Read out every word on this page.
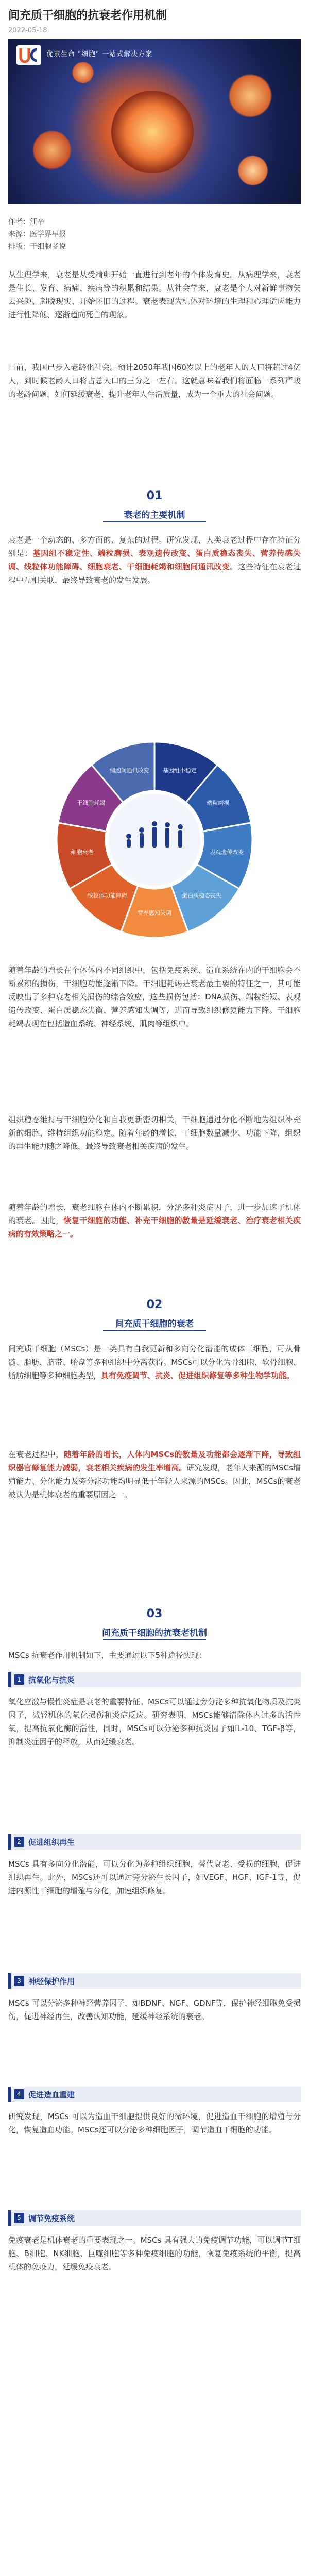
间充质干细胞的抗衰老作用机制
2022-05-18
优素生命 "细胞" 一站式解决方案
作者：江辛
来源：医学界早报
排版：干细胞者说
从生理学来，衰老是从受精卵开始一直进行到老年的个体发育史。从病理学来，衰老是生长、发育、病痛、疾病等的积累和结果。从社会学来，衰老是个人对新鲜事物失去兴趣、超脱现实、开始怀旧的过程。衰老表现为机体对环境的生理和心理适应能力进行性降低、逐渐趋向死亡的现象。
目前，我国已步入老龄化社会。预计2050年我国60岁以上的老年人的人口将超过4亿人，到时候老龄人口将占总人口的三分之一左右。这就意味着我们将面临一系列严峻的老龄问题，如何延缓衰老、提升老年人生活质量，成为一个重大的社会问题。
01
衰老的主要机制
衰老是一个动态的、多方面的、复杂的过程。研究发现，人类衰老过程中存在特征分别是：基因组不稳定性、端粒磨损、表观遗传改变、蛋白质稳态丧失、营养传感失调、线粒体功能障碍、细胞衰老、干细胞耗竭和细胞间通讯改变。这些特征在衰老过程中互相关联，最终导致衰老的发生发展。
基因组不稳定
端粒磨损
表观遗传改变
蛋白质稳态丧失
营养感知失调
线粒体功能障碍
细胞衰老
干细胞耗竭
细胞间通讯改变
随着年龄的增长在个体体内不同组织中，包括免疫系统、造血系统在内的干细胞会不断累积的损伤，干细胞功能逐渐下降。干细胞耗竭是衰老最主要的特征之一，其可能反映出了多种衰老相关损伤的综合效应，这些损伤包括：DNA损伤、端粒缩短、表观遗传改变、蛋白质稳态失衡、营养感知失调等，进而导致组织修复能力下降。干细胞耗竭表现在包括造血系统、神经系统、肌肉等组织中。
组织稳态维持与干细胞分化和自我更新密切相关，干细胞通过分化不断地为组织补充新的细胞，维持组织功能稳定。随着年龄的增长，干细胞数量减少、功能下降，组织的再生能力随之降低，最终导致衰老相关疾病的发生。
随着年龄的增长，衰老细胞在体内不断累积，分泌多种炎症因子，进一步加速了机体的衰老。因此，恢复干细胞的功能、补充干细胞的数量是延缓衰老、治疗衰老相关疾病的有效策略之一。
02
间充质干细胞的衰老
间充质干细胞（MSCs）是一类具有自我更新和多向分化潜能的成体干细胞，可从骨髓、脂肪、脐带、胎盘等多种组织中分离获得。MSCs可以分化为骨细胞、软骨细胞、脂肪细胞等多种细胞类型，具有免疫调节、抗炎、促进组织修复等多种生物学功能。
在衰老过程中，随着年龄的增长，人体内MSCs的数量及功能都会逐渐下降，导致组织器官修复能力减弱，衰老相关疾病的发生率增高。研究发现，老年人来源的MSCs增殖能力、分化能力及旁分泌功能均明显低于年轻人来源的MSCs。因此，MSCs的衰老被认为是机体衰老的重要原因之一。
03
间充质干细胞的抗衰老机制
MSCs 抗衰老作用机制如下，主要通过以下5种途径实现：
1 抗氧化与抗炎
氧化应激与慢性炎症是衰老的重要特征。MSCs可以通过旁分泌多种抗氧化物质及抗炎因子，减轻机体的氧化损伤和炎症反应。研究表明，MSCs能够清除体内过多的活性氧，提高抗氧化酶的活性，同时，MSCs可以分泌多种抗炎因子如IL-10、TGF-β等，抑制炎症因子的释放，从而延缓衰老。
2 促进组织再生
MSCs 具有多向分化潜能，可以分化为多种组织细胞，替代衰老、受损的细胞，促进组织再生。此外，MSCs还可以通过旁分泌生长因子，如VEGF、HGF、IGF-1等，促进内源性干细胞的增殖与分化，加速组织修复。
3 神经保护作用
MSCs 可以分泌多种神经营养因子，如BDNF、NGF、GDNF等，保护神经细胞免受损伤，促进神经再生，改善认知功能，延缓神经系统的衰老。
4 促进造血重建
研究发现，MSCs 可以为造血干细胞提供良好的微环境，促进造血干细胞的增殖与分化，恢复造血功能。MSCs还可以分泌多种细胞因子，调节造血干细胞的功能。
5 调节免疫系统
免疫衰老是机体衰老的重要表现之一。MSCs 具有强大的免疫调节功能，可以调节T细胞、B细胞、NK细胞、巨噬细胞等多种免疫细胞的功能，恢复免疫系统的平衡，提高机体的免疫力，延缓免疫衰老。
